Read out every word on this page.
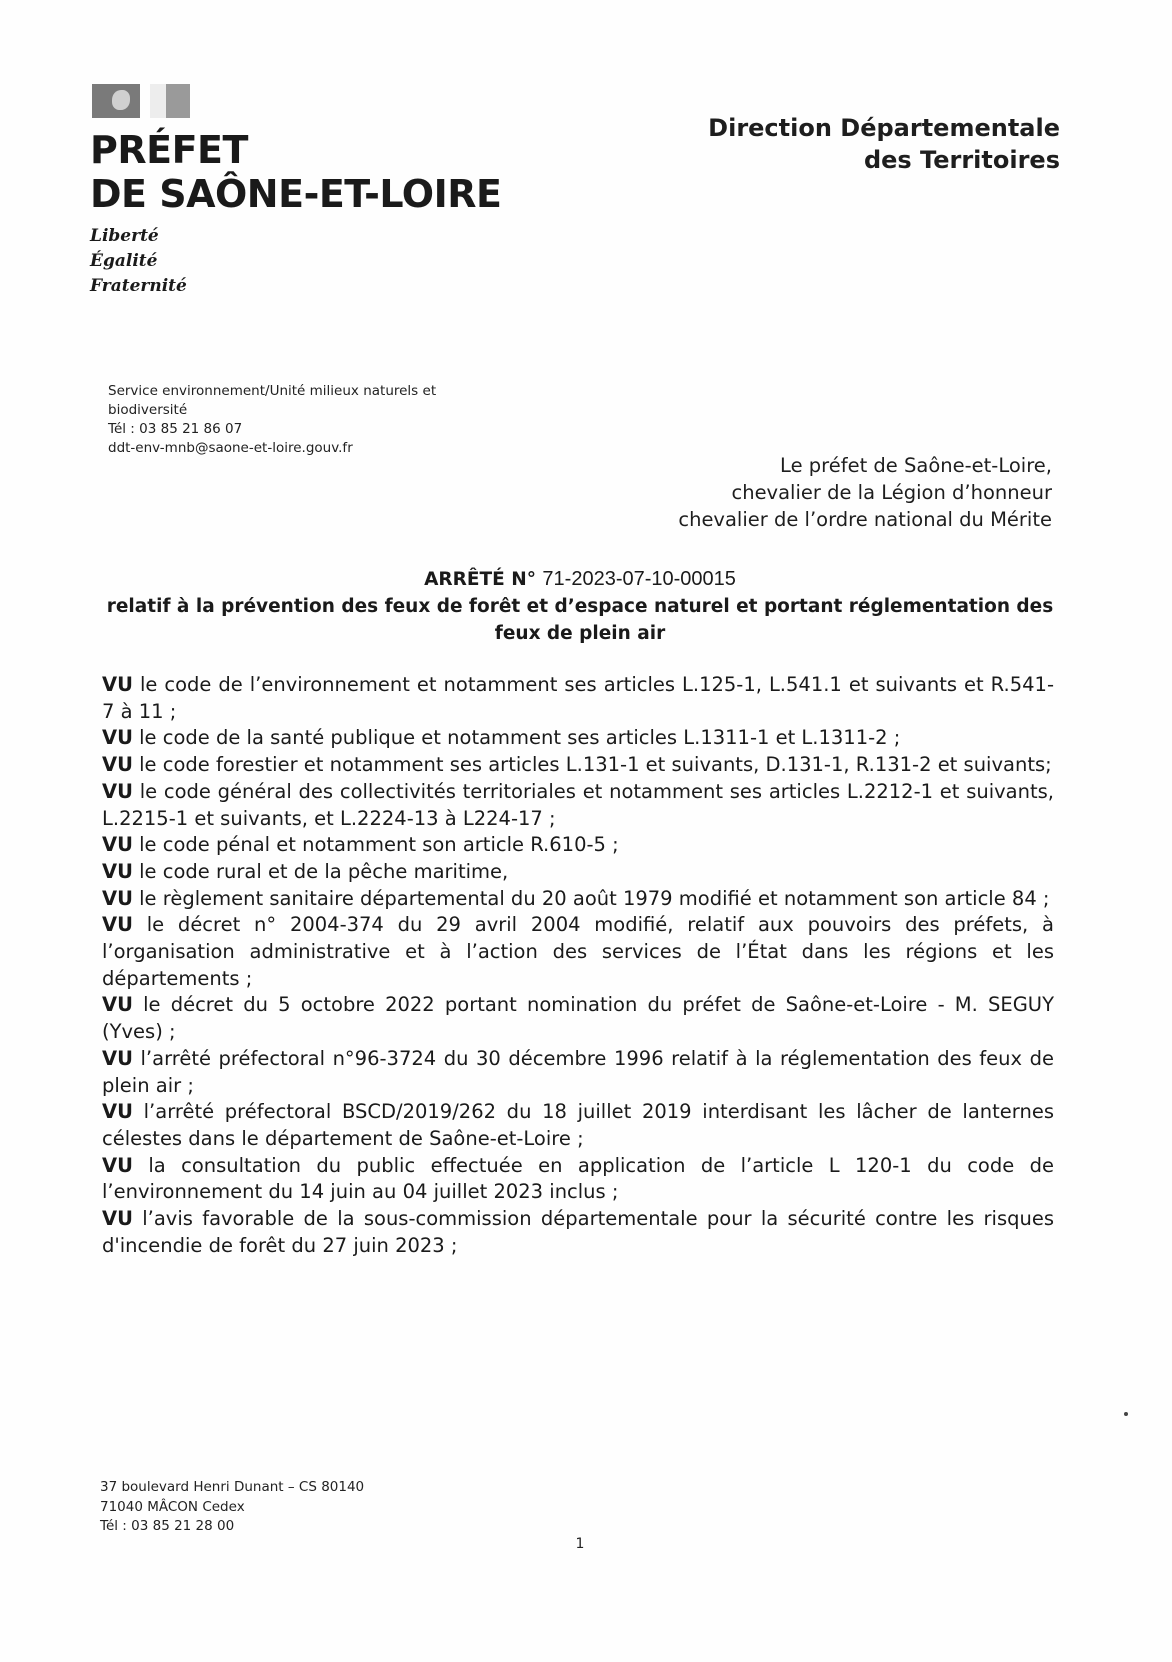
PRÉFET
DE SAÔNE-ET-LOIRE
Liberté
Égalité
Fraternité
Direction Départementale
des Territoires
Service environnement/Unité milieux naturels et
biodiversité
Tél : 03 85 21 86 07
ddt-env-mnb@saone-et-loire.gouv.fr
Le préfet de Saône-et-Loire,
chevalier de la Légion d’honneur
chevalier de l’ordre national du Mérite
ARRÊTÉ N° 71-2023-07-10-00015
relatif à la prévention des feux de forêt et d’espace naturel et portant réglementation des feux de plein air

VU le code de l’environnement et notamment ses articles L.125-1, L.541.1 et suivants et R.541-7 à 11 ;

VU le code de la santé publique et notamment ses articles L.1311-1 et L.1311-2 ;

VU le code forestier et notamment ses articles L.131-1 et suivants, D.131-1, R.131-2 et suivants;

VU le code général des collectivités territoriales et notamment ses articles L.2212-1 et suivants, L.2215-1 et suivants, et L.2224-13 à L224-17 ;

VU le code pénal et notamment son article R.610-5 ;

VU le code rural et de la pêche maritime,

VU le règlement sanitaire départemental du 20 août 1979 modifié et notamment son article 84 ;

VU le décret n° 2004-374 du 29 avril 2004 modifié, relatif aux pouvoirs des préfets, à l’organisation administrative et à l’action des services de l’État dans les régions et les départements ;

VU le décret du 5 octobre 2022 portant nomination du préfet de Saône-et-Loire - M. SEGUY (Yves) ;

VU l’arrêté préfectoral n°96-3724 du 30 décembre 1996 relatif à la réglementation des feux de plein air ;

VU l’arrêté préfectoral BSCD/2019/262 du 18 juillet 2019 interdisant les lâcher de lanternes célestes dans le département de Saône-et-Loire ;

VU la consultation du public effectuée en application de l’article L 120-1 du code de l’environnement du 14 juin au 04 juillet 2023 inclus ;

VU l’avis favorable de la sous-commission départementale pour la sécurité contre les risques d'incendie de forêt du 27 juin 2023 ;

37 boulevard Henri Dunant – CS 80140
71040 MÂCON Cedex
Tél : 03 85 21 28 00
1
